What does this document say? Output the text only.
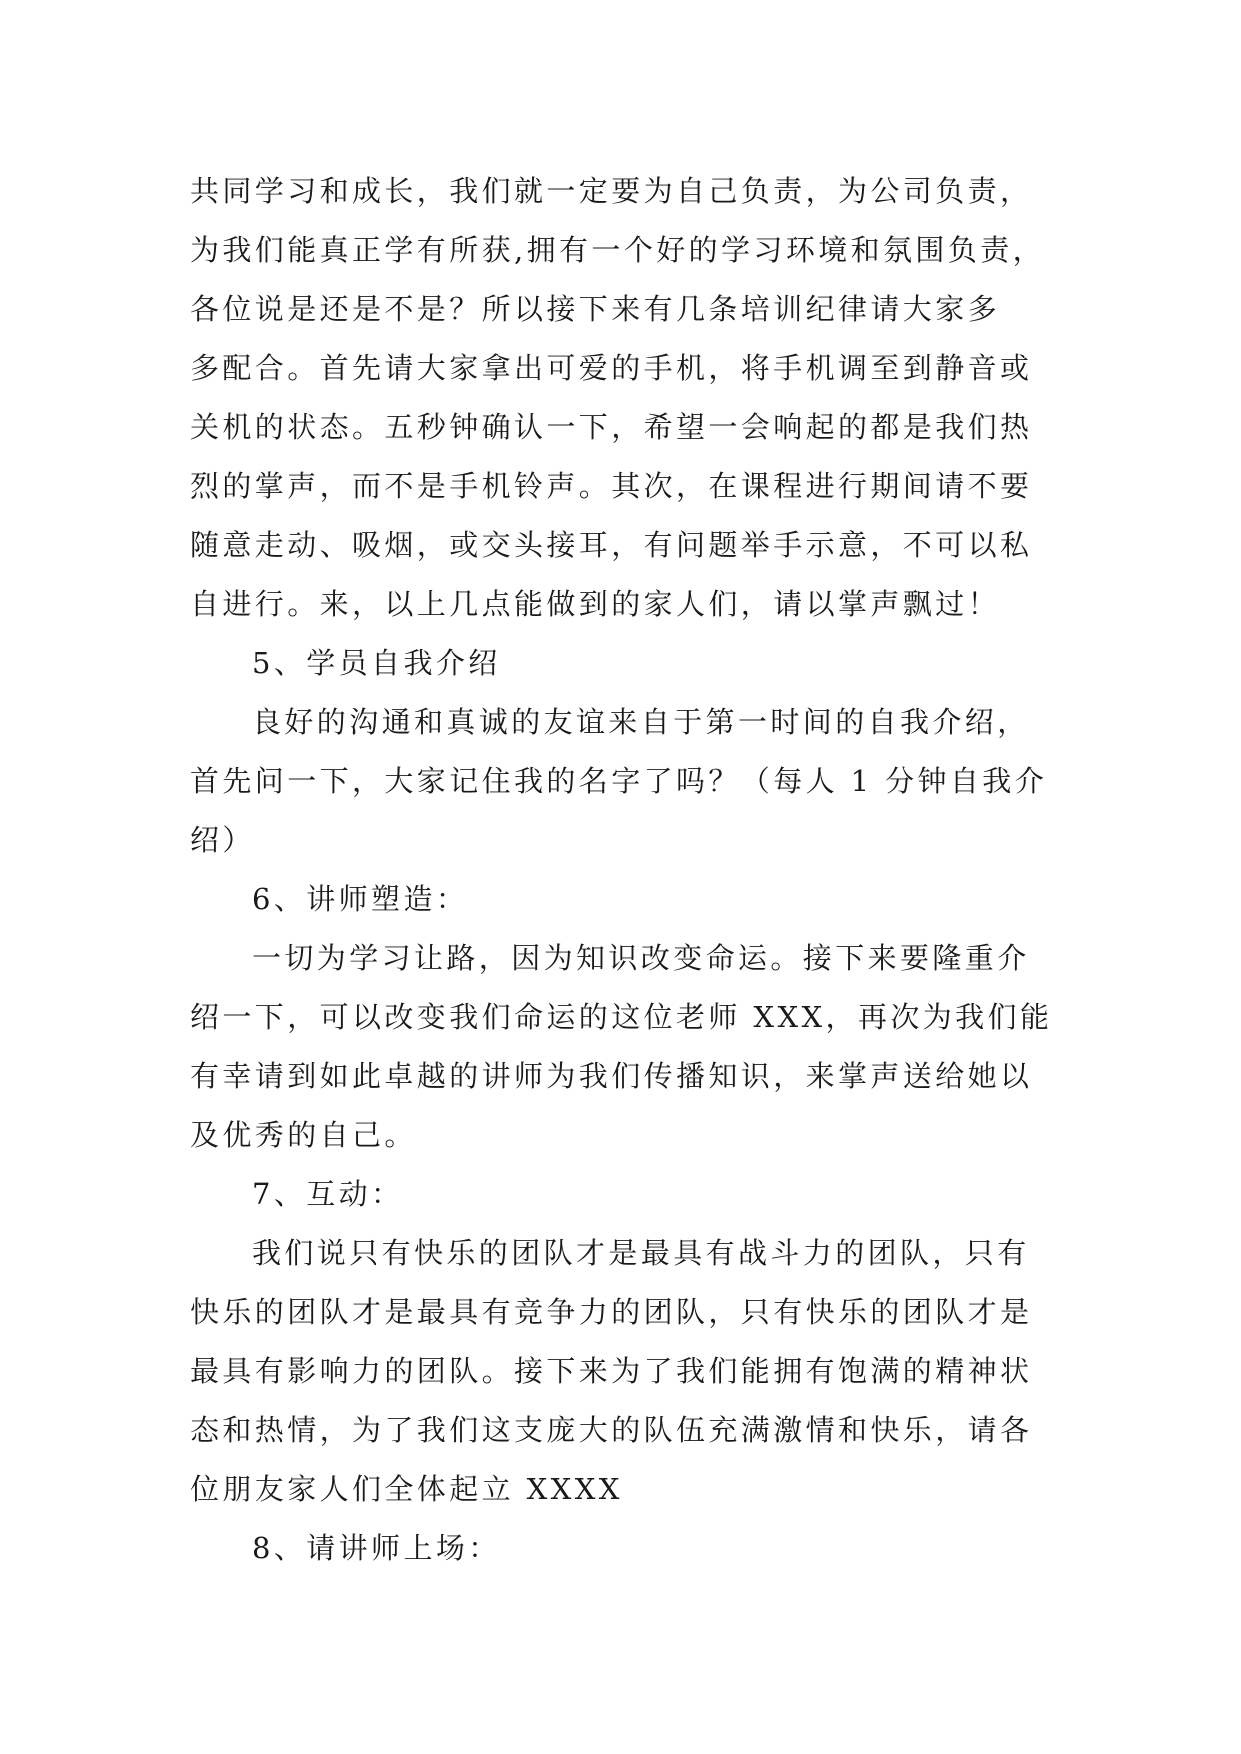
共同学习和成长，我们就一定要为自己负责，为公司负责，
为我们能真正学有所获,拥有一个好的学习环境和氛围负责，
各位说是还是不是？所以接下来有几条培训纪律请大家多
多配合。首先请大家拿出可爱的手机，将手机调至到静音或
关机的状态。五秒钟确认一下，希望一会响起的都是我们热
烈的掌声，而不是手机铃声。其次，在课程进行期间请不要
随意走动、吸烟，或交头接耳，有问题举手示意，不可以私
自进行。来，以上几点能做到的家人们，请以掌声飘过！
5、学员自我介绍
良好的沟通和真诚的友谊来自于第一时间的自我介绍，
首先问一下，大家记住我的名字了吗？（每人 1 分钟自我介
绍）
6、讲师塑造：
一切为学习让路，因为知识改变命运。接下来要隆重介
绍一下，可以改变我们命运的这位老师 XXX，再次为我们能
有幸请到如此卓越的讲师为我们传播知识，来掌声送给她以
及优秀的自己。
7、互动：
我们说只有快乐的团队才是最具有战斗力的团队，只有
快乐的团队才是最具有竞争力的团队，只有快乐的团队才是
最具有影响力的团队。接下来为了我们能拥有饱满的精神状
态和热情，为了我们这支庞大的队伍充满激情和快乐，请各
位朋友家人们全体起立 XXXX
8、请讲师上场：
